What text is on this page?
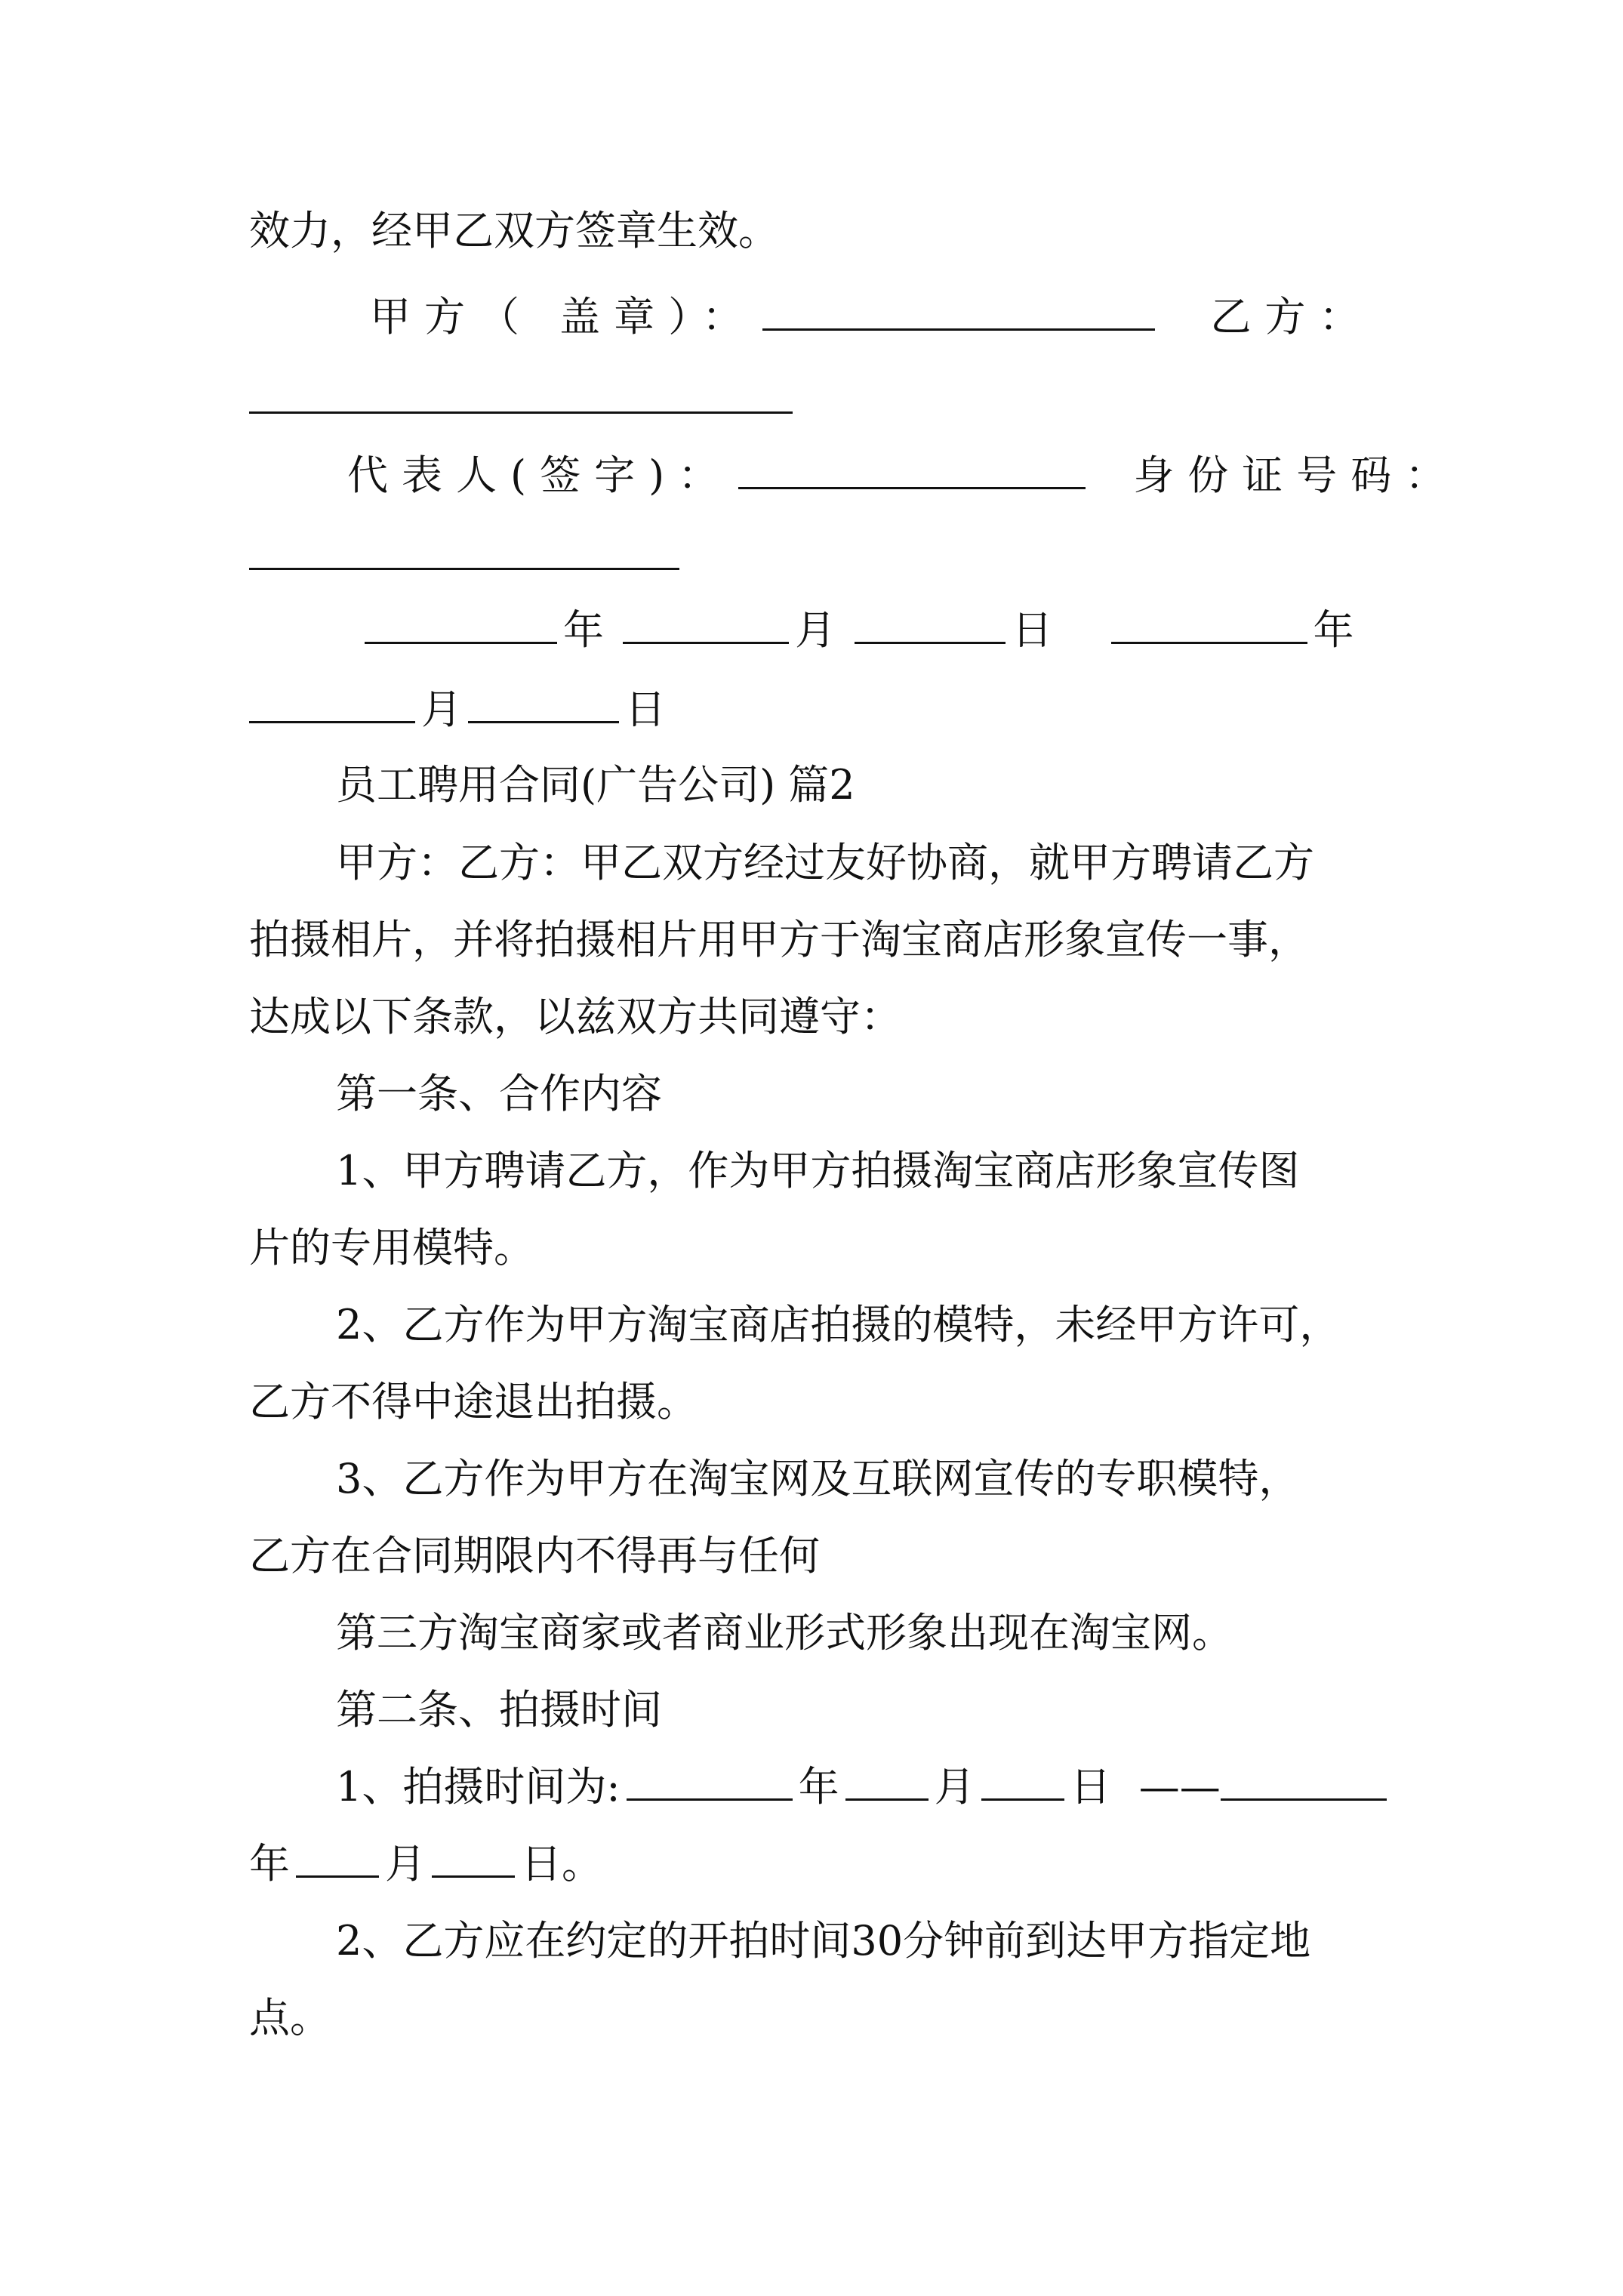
效力，经甲乙双方签章生效。
甲方（ 盖章）：	乙方：
代表人(签字)：	身份证号码：
年	月	日	年
月	日
员工聘用合同(广告公司) 篇2
甲方：乙方：甲乙双方经过友好协商，就甲方聘请乙方
拍摄相片，并将拍摄相片用甲方于淘宝商店形象宣传一事，
达成以下条款，以兹双方共同遵守：
第一条、合作内容
1、甲方聘请乙方，作为甲方拍摄淘宝商店形象宣传图
片的专用模特。
2、乙方作为甲方淘宝商店拍摄的模特，未经甲方许可，
乙方不得中途退出拍摄。
3、乙方作为甲方在淘宝网及互联网宣传的专职模特，
乙方在合同期限内不得再与任何
第三方淘宝商家或者商业形式形象出现在淘宝网。
第二条、拍摄时间
1、拍摄时间为:	年 月 日 ——
年 月 日。
2、乙方应在约定的开拍时间30分钟前到达甲方指定地
点。
